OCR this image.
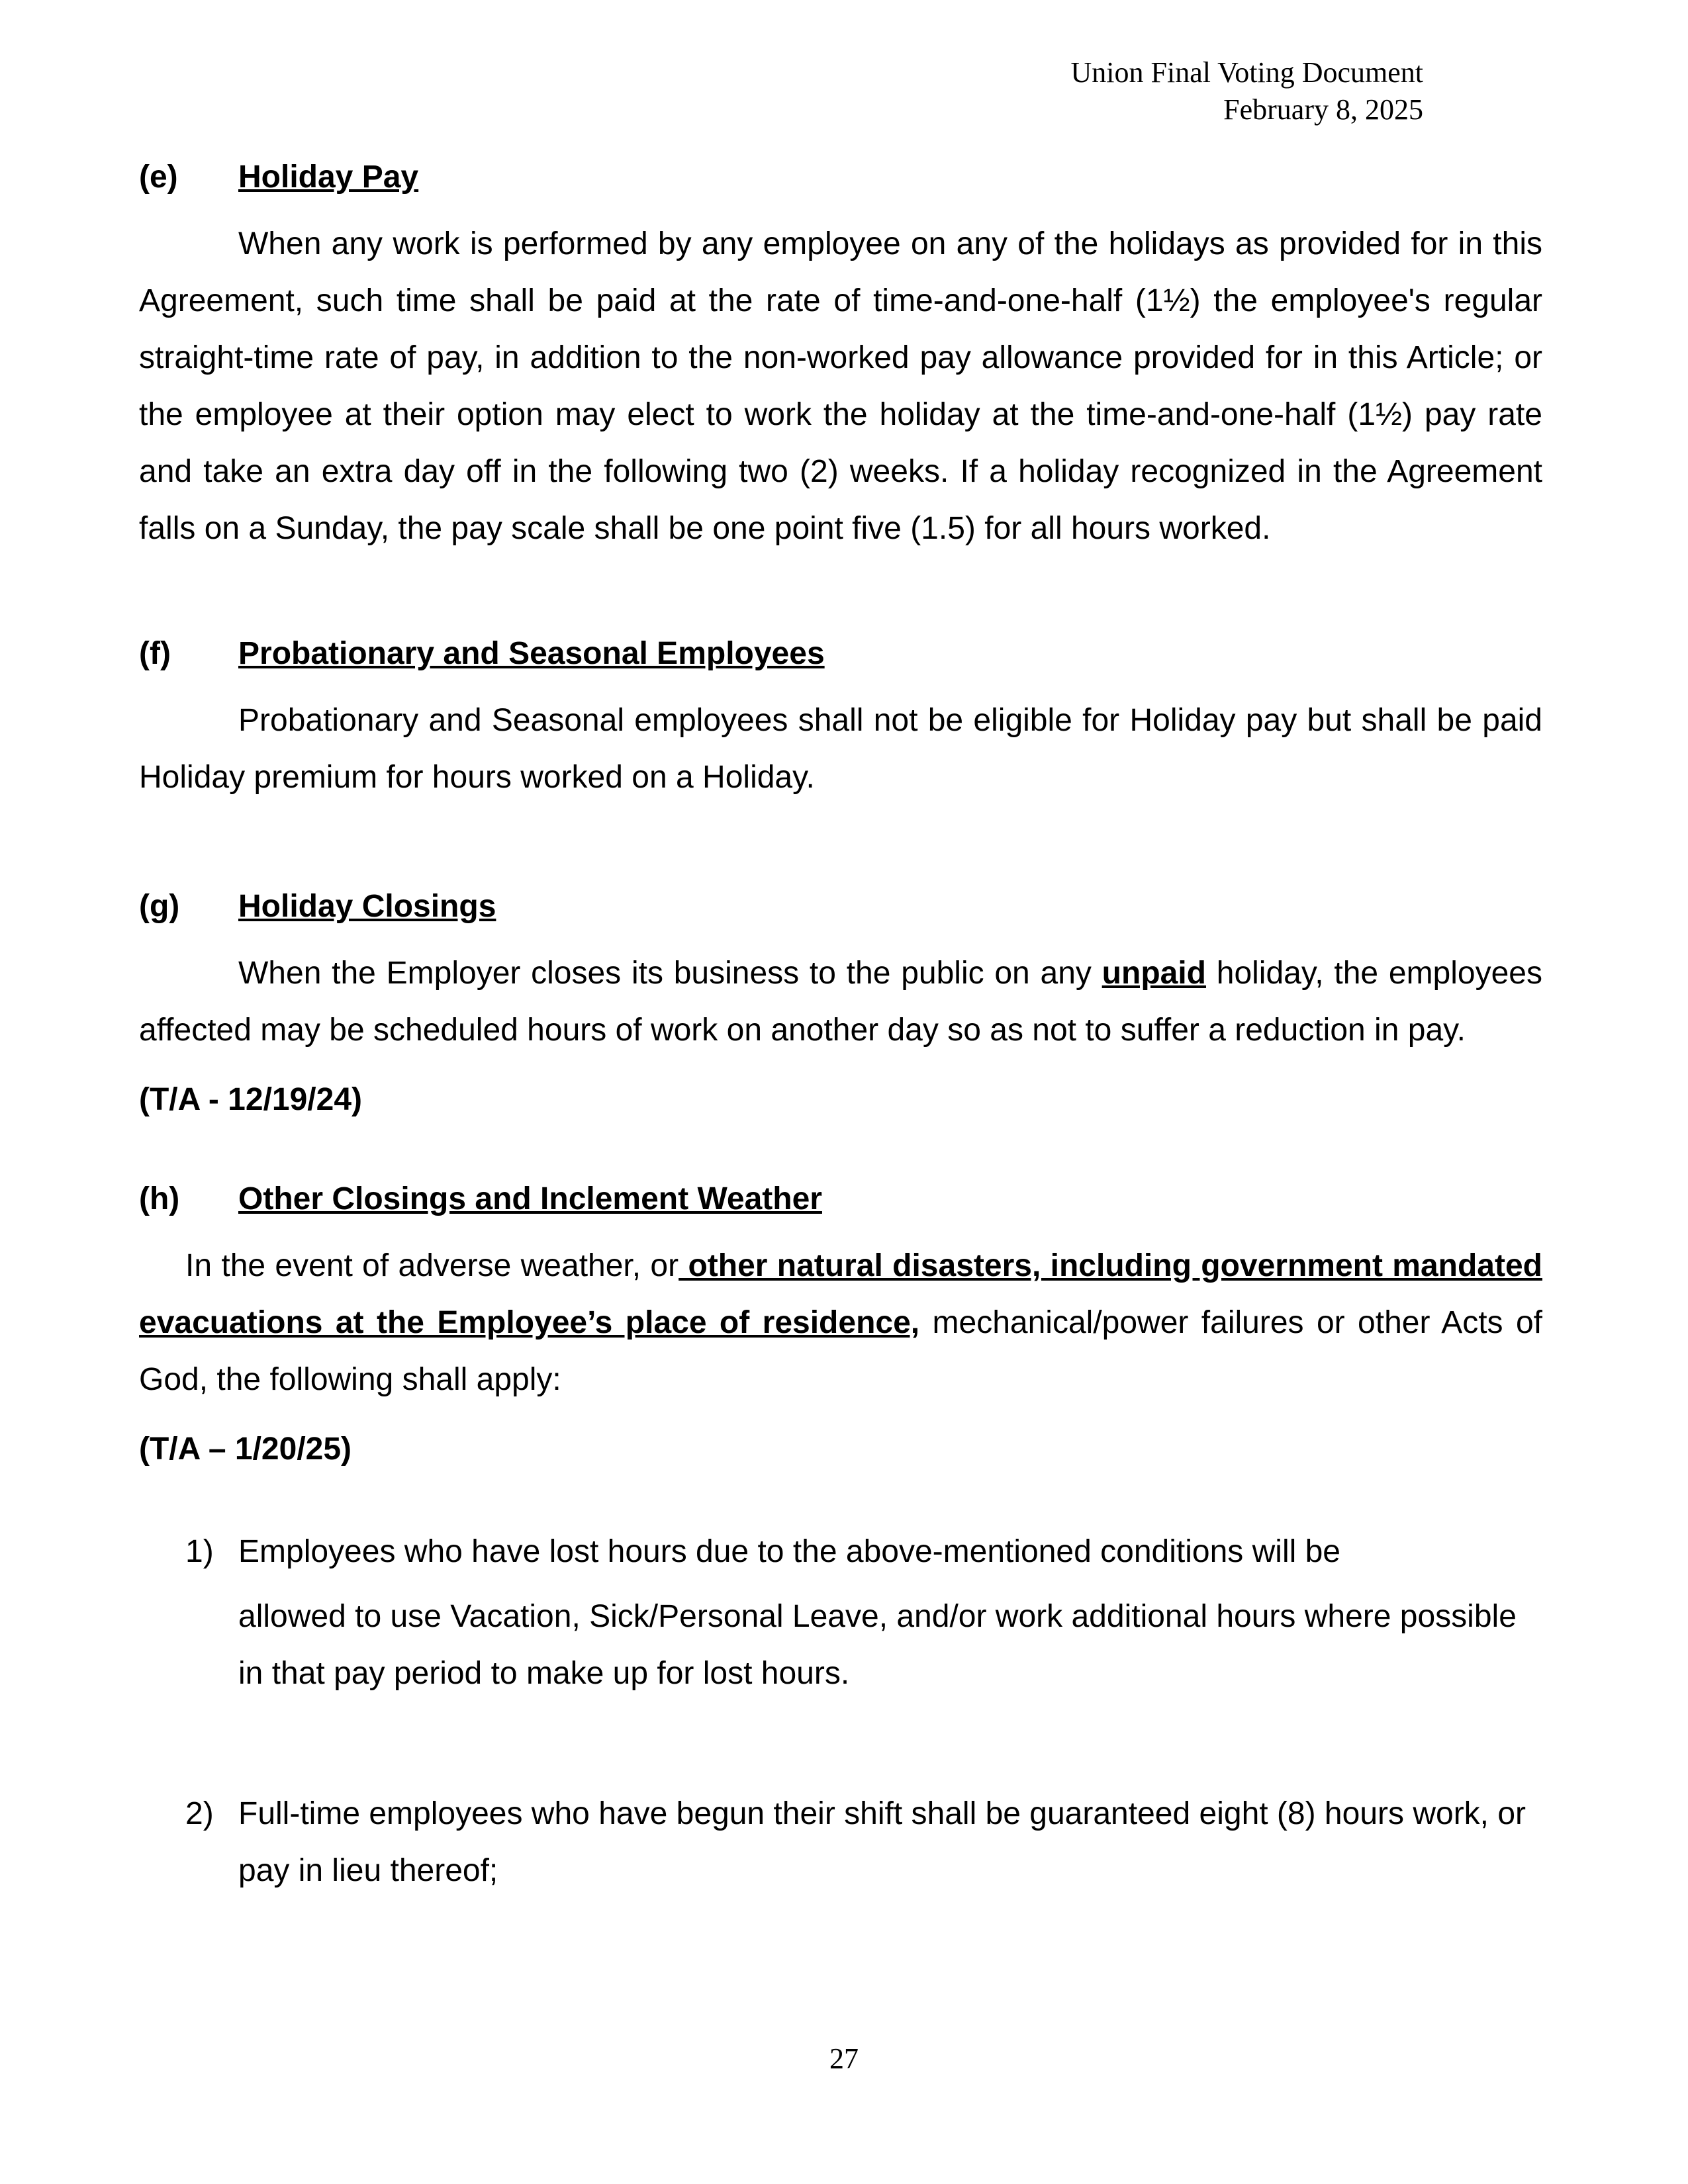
Union Final Voting Document
February 8, 2025
(e) Holiday Pay
When any work is performed by any employee on any of the holidays as provided for in this Agreement, such time shall be paid at the rate of time-and-one-half (1½) the employee's regular straight-time rate of pay, in addition to the non-worked pay allowance provided for in this Article; or the employee at their option may elect to work the holiday at the time-and-one-half (1½) pay rate and take an extra day off in the following two (2) weeks. If a holiday recognized in the Agreement falls on a Sunday, the pay scale shall be one point five (1.5) for all hours worked.
(f) Probationary and Seasonal Employees
Probationary and Seasonal employees shall not be eligible for Holiday pay but shall be paid Holiday premium for hours worked on a Holiday.
(g) Holiday Closings
When the Employer closes its business to the public on any unpaid holiday, the employees affected may be scheduled hours of work on another day so as not to suffer a reduction in pay.
(T/A - 12/19/24)
(h) Other Closings and Inclement Weather
In the event of adverse weather, or other natural disasters, including government mandated evacuations at the Employee’s place of residence, mechanical/power failures or other Acts of God, the following shall apply:
(T/A – 1/20/25)
1) Employees who have lost hours due to the above-mentioned conditions will be
allowed to use Vacation, Sick/Personal Leave, and/or work additional hours where possible in that pay period to make up for lost hours.
2) Full-time employees who have begun their shift shall be guaranteed eight (8) hours work, or pay in lieu thereof;
27
